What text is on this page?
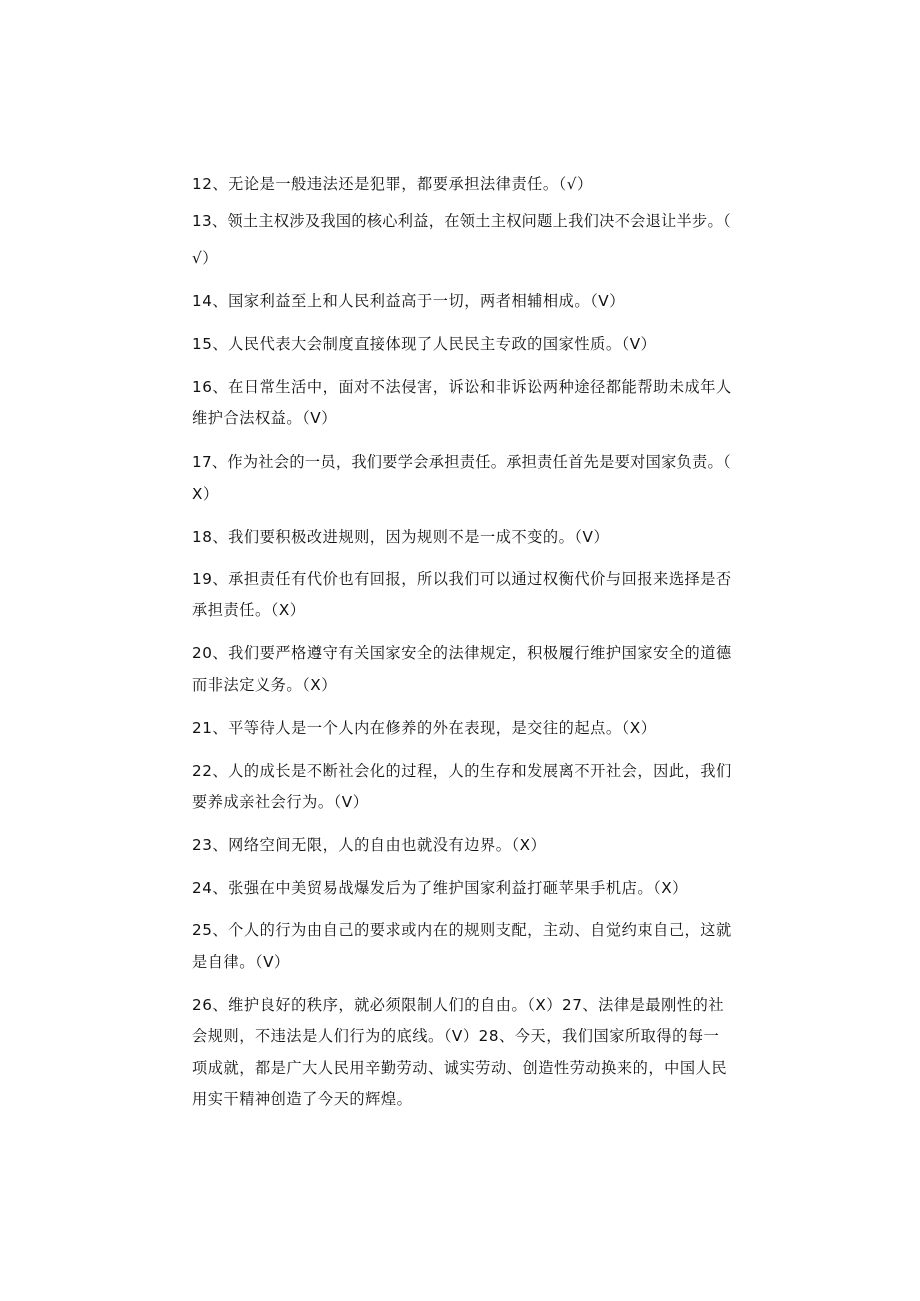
12、无论是一般违法还是犯罪，都要承担法律责任。（√）
13、领土主权涉及我国的核心利益，在领土主权问题上我们决不会退让半步。（
√）
14、国家利益至上和人民利益高于一切，两者相辅相成。（V）
15、人民代表大会制度直接体现了人民民主专政的国家性质。（V）
16、在日常生活中，面对不法侵害，诉讼和非诉讼两种途径都能帮助未成年人
维护合法权益。（V）
17、作为社会的一员，我们要学会承担责任。承担责任首先是要对国家负责。（
X）
18、我们要积极改进规则，因为规则不是一成不变的。（V）
19、承担责任有代价也有回报，所以我们可以通过权衡代价与回报来选择是否
承担责任。（X）
20、我们要严格遵守有关国家安全的法律规定，积极履行维护国家安全的道德
而非法定义务。（X）
21、平等待人是一个人内在修养的外在表现，是交往的起点。（X）
22、人的成长是不断社会化的过程，人的生存和发展离不开社会，因此，我们
要养成亲社会行为。（V）
23、网络空间无限，人的自由也就没有边界。（X）
24、张强在中美贸易战爆发后为了维护国家利益打砸苹果手机店。（X）
25、个人的行为由自己的要求或内在的规则支配，主动、自觉约束自己，这就
是自律。（V）
26、维护良好的秩序，就必须限制人们的自由。（X）27、法律是最刚性的社
会规则，不违法是人们行为的底线。（V）28、今天，我们国家所取得的每一
项成就，都是广大人民用辛勤劳动、诚实劳动、创造性劳动换来的，中国人民
用实干精神创造了今天的辉煌。
